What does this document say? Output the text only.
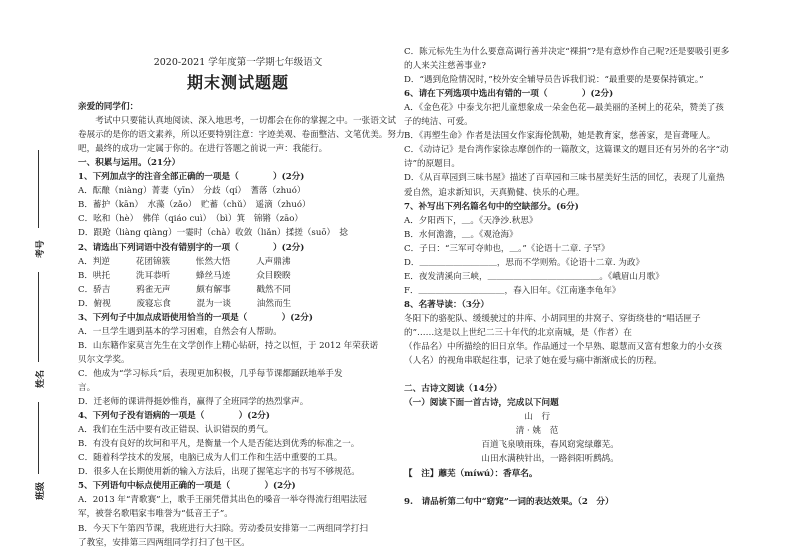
考号
姓名
班级
2020-2021 学年度第一学期七年级语文
期末测试题题
亲爱的同学们：
　　考试中只要能认真地阅读、深入地思考，一切都会在你的掌握之中。一张语文试
卷展示的是你的语文素养，所以还要特别注意：字迹美观、卷面整洁、文笔优美。努力
吧，最终的成功一定属于你的。在进行答题之前说一声：我能行。
一、积累与运用。（21分）
1、下列加点字的注音全部正确的一项是（　　　　）(2分)
A．酝酿（niàng）菁妻（yīn）　分歧（qí）　蓍落（zhuó）
B．蓄护（kān）　水藻（zǎo）　贮蓄（chǔ）　遥滴（zhuó）
C．吆和（hè）　佛佯（qiáo cuì）　（bì）箕　锦锵（zāo）
D．跟跄（liàng qiàng）一霎时（chà）收敛（liǎn）揉搓（suō）　捻
2、请选出下列词语中没有错别字的一项（　　　　）(2分)
A．判逆　　　花团锦簇　　　怅然大悟　　　人声鼎沸
B．哄托　　　洗耳恭听　　　蜂丝马迹　　　众目睽睽
C．骄吉　　　鸦雀无声　　　颇有解事　　　戳然不同
D．俯视　　　废寝忘食　　　混为一谈　　　油然而生
3、下列句子中加点成语使用恰当的一项是（　　　　）(2分)
A．一旦学生遇到基本的学习困难，自然会有人帮助。
B．山东籍作家莫言先生在文学创作上精心钻研，持之以恒，于 2012 年荣获诺
贝尔文学奖。
C．他成为“学习标兵”后，表现更加积极，几乎每节课都踊跃地举手发
言。
D．迁老师的课讲得挺妙惟肖，赢得了全班同学的热烈掌声。
4、下列句子没有语病的一项是（　　　　）(2分)
A．我们在生活中要有改正错误、认识错误的勇气。
B．有没有良好的坎坷和平凡，是衡量一个人是否能达到优秀的标准之一。
C．随着科学技术的发展，电脑已成为人们工作和生活中重要的工具。
D．很多人在长期使用新的输入方法后，出现了握笔忘字的书写不够规范。
5、下列语句中标点使用正确的一项是（　　　　）(2分)
A．2013 年“青歌赛”上，歌手王丽凭借其出色的嗓音一举夺得流行组唱法冠
军，被誉名歌唱家韦唯誉为“低音王子”。
B．今天下午第四节课，我班进行大扫除。劳动委员安排第一二两组同学打扫
了教室，安排第三四两组同学打扫了包干区。
C．陈元标先生为什么要意高调行善并决定“裸捐”?是有意炒作自己呢?还是要吸引更多
的人来关注慈善事业?
D．“遇到危险情况时，”校外安全辅导员告诉我们说：“最重要的是要保持镇定。”
6、请在下列选项中选出有错的一项（　　　　）(2分)
A．《金色花》中泰戈尔把儿童想象成一朵金色花—最美丽的圣树上的花朵，赞美了孩
子的纯洁、可爱。
B．《再塑生命》作者是法国女作家海伦凯勒，她是教育家，慈善家，是盲聋哑人。
C．《动诗记》是台湾作家徐志摩创作的一篇散文，这篇课文的题目还有另外的名字“动
诗”的原题目。
D．《从百草园到三味书屋》描述了百草园和三味书屋美好生活的回忆，表现了儿童热
爱自然，追求新知识，天真勤健、快乐的心理。
7、补写出下列名篇名句中的空缺部分。(6分)
A．夕阳西下，＿。《天净沙.秋思》
B．水何澹澹，＿。《观沧海》
C．子曰：“三军可夺帅也，＿。”《论语十二章. 子罕》
D．＿＿＿＿＿＿＿＿＿，思而不学则殆。《论语十二章. 为政》
E．夜发清溪向三峡，＿＿＿＿＿＿＿＿＿＿＿＿＿。《峨眉山月歌》
F．＿＿＿＿＿＿＿＿＿＿，春入旧年。《江南逢李龟年》
8、名著导读：（3分）
冬阳下的骆驼队、缓缓驶过的井库、小胡同里的井窝子、穿街绕巷的“唱话匣子
的”……这是以上世纪二三十年代的北京南城，是（作者）在
（作品名）中所描绘的旧日京华。作品通过一个早熟、聪慧而又富有想象力的小女孩
（人名）的视角串联起往事，记录了她在爱与痛中渐渐成长的历程。
二、古诗文阅读（14分）
（一）阅读下面一首古诗，完成以下问题
　　　　　　　　　　　　　　山　行
　　　　　　　　　　　　　清 · 姚　范
　　　　　　　　　百道飞泉喷雨珠，春风窈窕绿蘼芜。
　　　　　　　　　山田水满秧针出，一路斜阳听鹧鸪。
【　注】蘼芜（míwú）：香草名。
9.　请品析第二句中“窈窕”一词的表达效果。（2　分）
